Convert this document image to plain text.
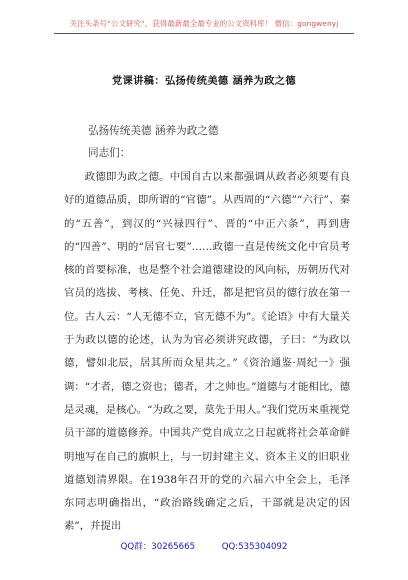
关注头条号“公文研究”，获得最新最全最专业的公文资料库！ 微信：gongwenyj
党课讲稿：弘扬传统美德 涵养为政之德
弘扬传统美德 涵养为政之德
同志们：
政德即为政之德。中国自古以来都强调从政者必须要有良好的道德品质，即所谓的“官德”。从西周的“六德”“六行”、秦的“五善”，到汉的“兴禄四行”、晋的“中正六条”，再到唐的“四善”、明的“居官七要”……政德一直是传统文化中官员考核的首要标准，也是整个社会道德建设的风向标，历朝历代对官员的选拔、考核、任免、升迁，都是把官员的德行放在第一位。古人云：“人无德不立，官无德不为”。《论语》中有大量关于为政以德的论述，认为为官必须讲究政德，子曰：“为政以德，譬如北辰，居其所而众星共之。”《资治通鉴·周纪一》强调：“才者，德之资也；德者，才之帅也。”道德与才能相比，德是灵魂，是核心。“为政之要，莫先于用人。”我们党历来重视党员干部的道德修养。中国共产党自成立之日起就将社会革命鲜明地写在自己的旗帜上，与一切封建主义、资本主义的旧职业道德划清界限。在1938年召开的党的六届六中全会上，毛泽东同志明确指出，“政治路线确定之后，干部就是决定的因素”，并提出
QQ群：30265665	QQ:535304092
